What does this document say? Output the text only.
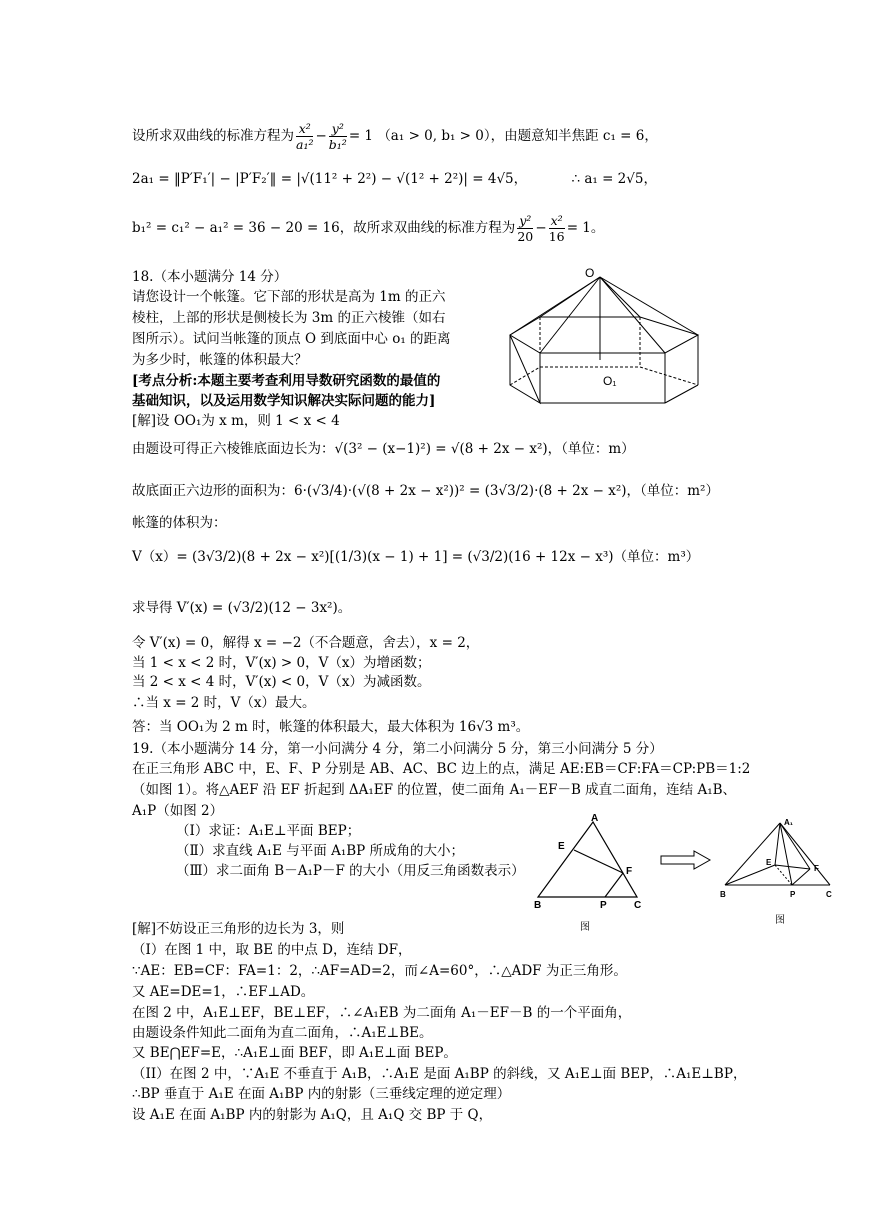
设所求双曲线的标准方程为 $\frac{\text{x²}}{\text{a₁²}} - \frac{\text{y²}}{\text{b₁²}} = 1$ （a₁ > 0, b₁ > 0），由题意知半焦距 c₁ = 6，
2a₁ = ‖P′F₁′| − |P′F₂′‖ = |√(11² + 2²) − √(1² + 2²)| = 4√5，	∴ a₁ = 2√5，
b₁² = c₁² − a₁² = 36 − 20 = 16，故所求双曲线的标准方程为 $\frac{\text{y²}}{20} - \frac{\text{x²}}{16} = 1$。
18.（本小题满分 14 分）
请您设计一个帐篷。它下部的形状是高为 1m 的正六
棱柱，上部的形状是侧棱长为 3m 的正六棱锥（如右
图所示）。试问当帐篷的顶点 O 到底面中心 o₁ 的距离
为多少时，帐篷的体积最大？
[考点分析:本题主要考查利用导数研究函数的最值的
基础知识，以及运用数学知识解决实际问题的能力]
[解]设 OO₁为 x m，则 1 < x < 4
由题设可得正六棱锥底面边长为：√(3² − (x−1)²) = √(8 + 2x − x²)，（单位：m）
故底面正六边形的面积为：6·(√3/4)·(√(8 + 2x − x²))² = (3√3/2)·(8 + 2x − x²)，（单位：m²）
帐篷的体积为：
V（x）= (3√3/2)(8 + 2x − x²)[(1/3)(x − 1) + 1] = (√3/2)(16 + 12x − x³)（单位：m³）
求导得 V′(x) = (√3/2)(12 − 3x²)。
令 V′(x) = 0，解得 x = −2（不合题意，舍去），x = 2，
当 1 < x < 2 时，V′(x) > 0，V（x）为增函数；
当 2 < x < 4 时，V′(x) < 0，V（x）为减函数。
∴当 x = 2 时，V（x）最大。
答：当 OO₁为 2 m 时，帐篷的体积最大，最大体积为 16√3 m³。
O
O₁
19.（本小题满分 14 分，第一小问满分 4 分，第二小问满分 5 分，第三小问满分 5 分）
在正三角形 ABC 中，E、F、P 分别是 AB、AC、BC 边上的点，满足 AE:EB＝CF:FA＝CP:PB＝1:2
（如图 1）。将△AEF 沿 EF 折起到 ΔA₁EF 的位置，使二面角 A₁－EF－B 成直二面角，连结 A₁B、
A₁P（如图 2）
（Ⅰ）求证：A₁E⊥平面 BEP；
（Ⅱ）求直线 A₁E 与平面 A₁BP 所成角的大小；
（Ⅲ）求二面角 B－A₁P－F 的大小（用反三角函数表示）
A
E
F
B	P	C
图
A₁
E
F
B	P	C
图
[解]不妨设正三角形的边长为 3，则
（I）在图 1 中，取 BE 的中点 D，连结 DF，
∵AE：EB=CF：FA=1：2，∴AF=AD=2，而∠A=60°，∴△ADF 为正三角形。
又 AE=DE=1，∴EF⊥AD。
在图 2 中，A₁E⊥EF，BE⊥EF，∴∠A₁EB 为二面角 A₁－EF－B 的一个平面角，
由题设条件知此二面角为直二面角，∴A₁E⊥BE。
又 BE⋂EF=E，∴A₁E⊥面 BEF，即 A₁E⊥面 BEP。
（II）在图 2 中，∵A₁E 不垂直于 A₁B，∴A₁E 是面 A₁BP 的斜线，又 A₁E⊥面 BEP，∴A₁E⊥BP，
∴BP 垂直于 A₁E 在面 A₁BP 内的射影（三垂线定理的逆定理）
设 A₁E 在面 A₁BP 内的射影为 A₁Q，且 A₁Q 交 BP 于 Q，
